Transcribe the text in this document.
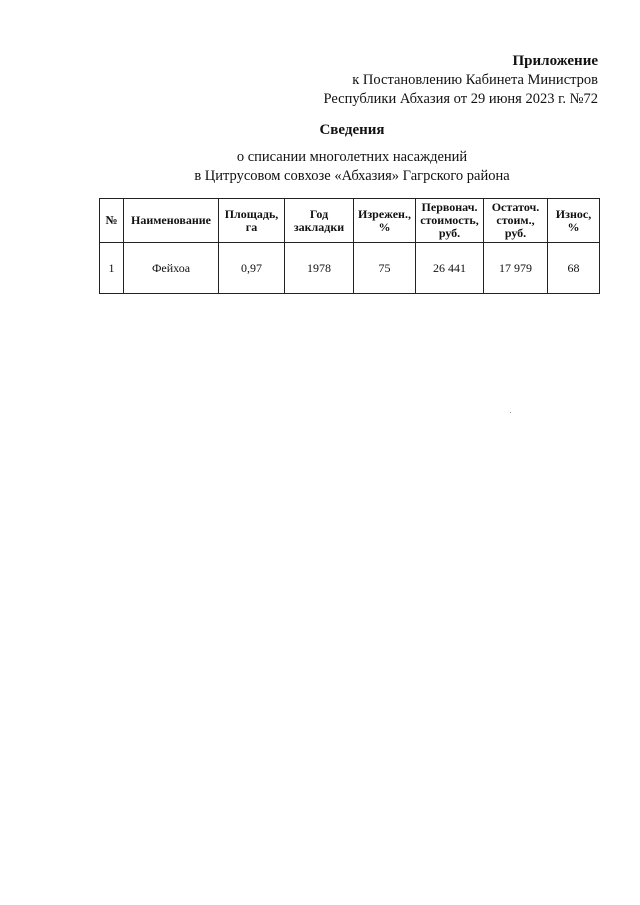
Приложение
к Постановлению Кабинета Министров
Республики Абхазия от 29 июня 2023 г. №72
Сведения
о списании многолетних насаждений
в Цитрусовом совхозе «Абхазия» Гагрского района
№	Наименование	Площадь, га	Год закладки	Изрежен., %	Первонач. стоимость, руб.	Остаточ. стоим., руб.	Износ, %
1	Фейхоа	0,97	1978	75	26 441	17 979	68
